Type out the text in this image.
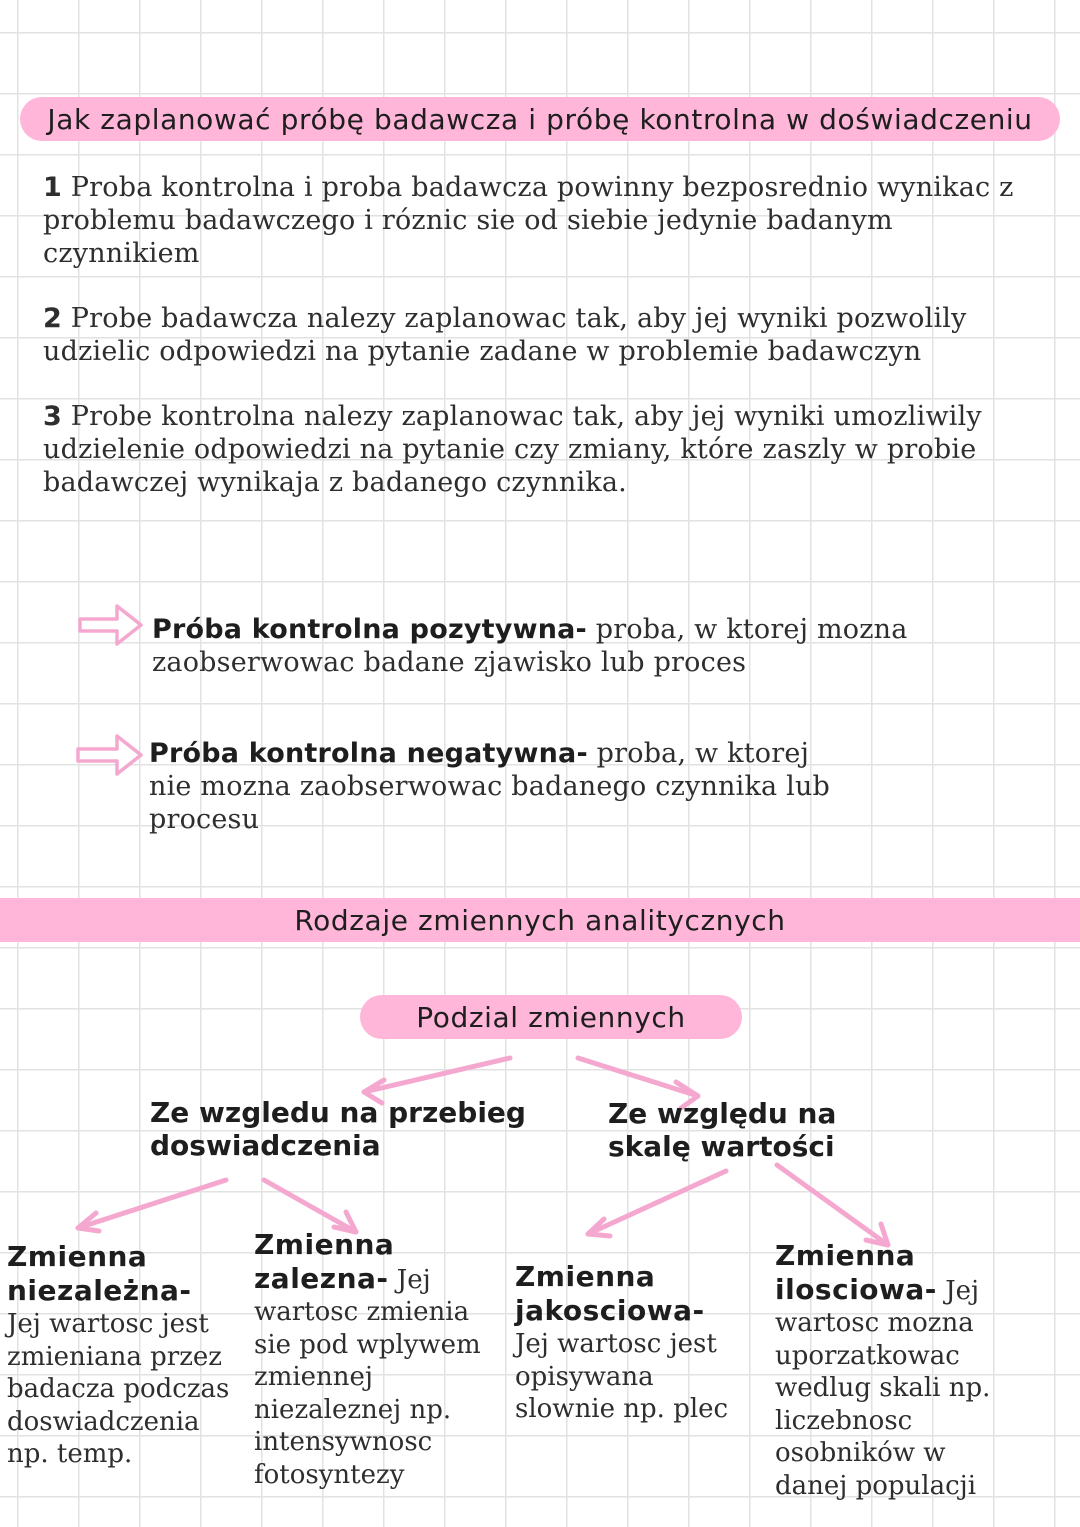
Jak zaplanować próbę badawcza i próbę kontrolna w doświadczeniu
1 Proba kontrolna i proba badawcza powinny bezposrednio wynikac z problemu badawczego i róznic sie od siebie jedynie badanym czynnikiem
2 Probe badawcza nalezy zaplanowac tak, aby jej wyniki pozwolily udzielic odpowiedzi na pytanie zadane w problemie badawczyn
3 Probe kontrolna nalezy zaplanowac tak, aby jej wyniki umozliwily udzielenie odpowiedzi na pytanie czy zmiany, które zaszly w probie badawczej wynikaja z badanego czynnika.
Próba kontrolna pozytywna- proba, w ktorej mozna zaobserwowac badane zjawisko lub proces
Próba kontrolna negatywna- proba, w ktorej nie mozna zaobserwowac badanego czynnika lub procesu
Rodzaje zmiennych analitycznych
Podzial zmiennych
Ze wzgledu na przebieg doswiadczenia
Ze względu na skalę wartości
Zmienna niezależna- Jej wartosc jest zmieniana przez badacza podczas doswiadczenia np. temp.
Zmienna zalezna- Jej wartosc zmienia sie pod wplywem zmiennej niezaleznej np. intensywnosc fotosyntezy
Zmienna jakosciowa- Jej wartosc jest opisywana slownie np. plec
Zmienna ilosciowa- Jej wartosc mozna uporzatkowac wedlug skali np. liczebnosc osobników w danej populacji
